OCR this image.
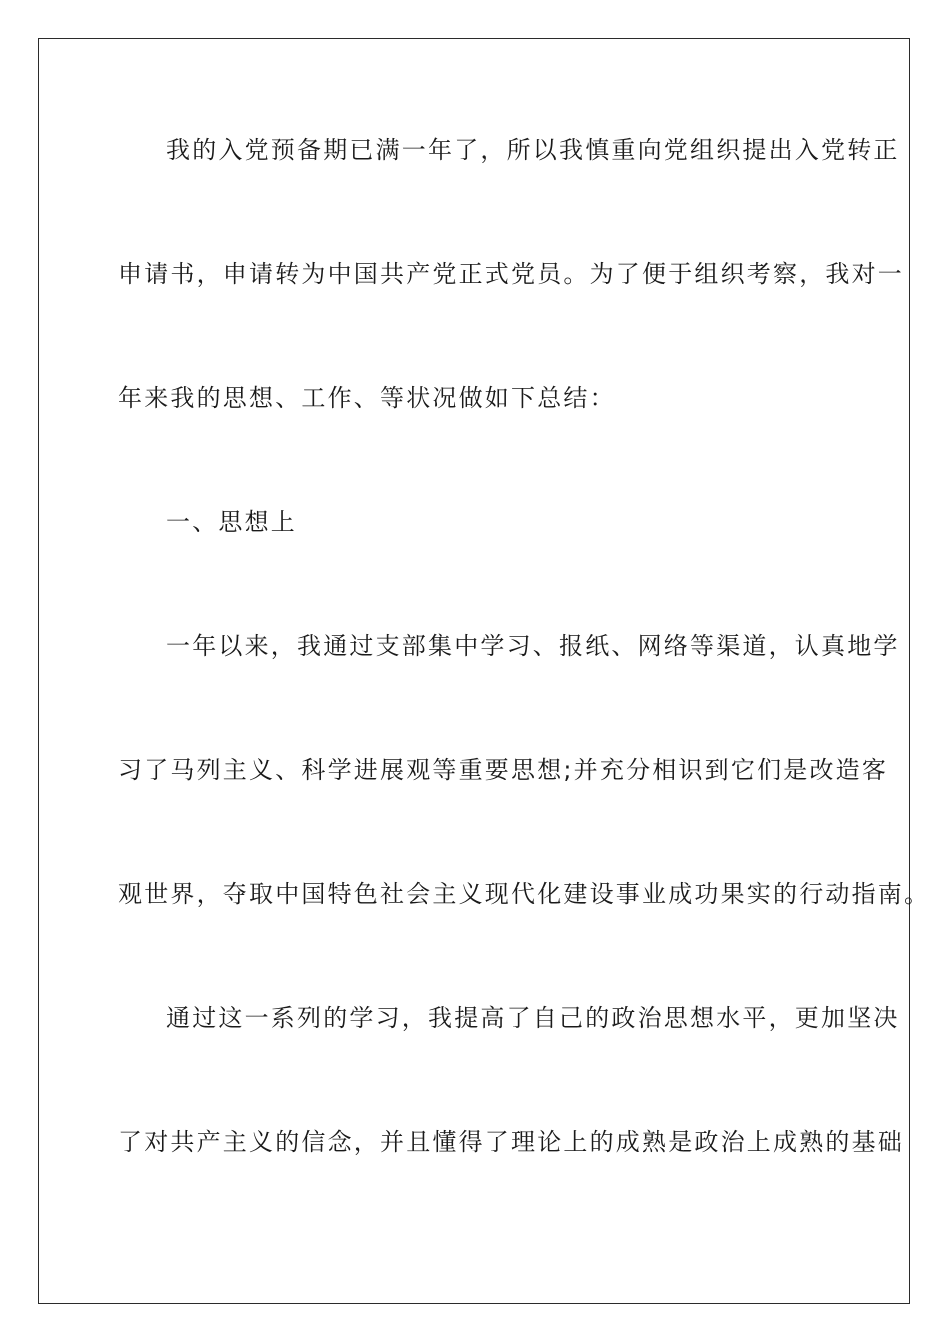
我的入党预备期已满一年了，所以我慎重向党组织提出入党转正

申请书，申请转为中国共产党正式党员。为了便于组织考察，我对一

年来我的思想、工作、等状况做如下总结：

一、思想上

一年以来，我通过支部集中学习、报纸、网络等渠道，认真地学

习了马列主义、科学进展观等重要思想;并充分相识到它们是改造客

观世界，夺取中国特色社会主义现代化建设事业成功果实的行动指南。

通过这一系列的学习，我提高了自己的政治思想水平，更加坚决

了对共产主义的信念，并且懂得了理论上的成熟是政治上成熟的基础
